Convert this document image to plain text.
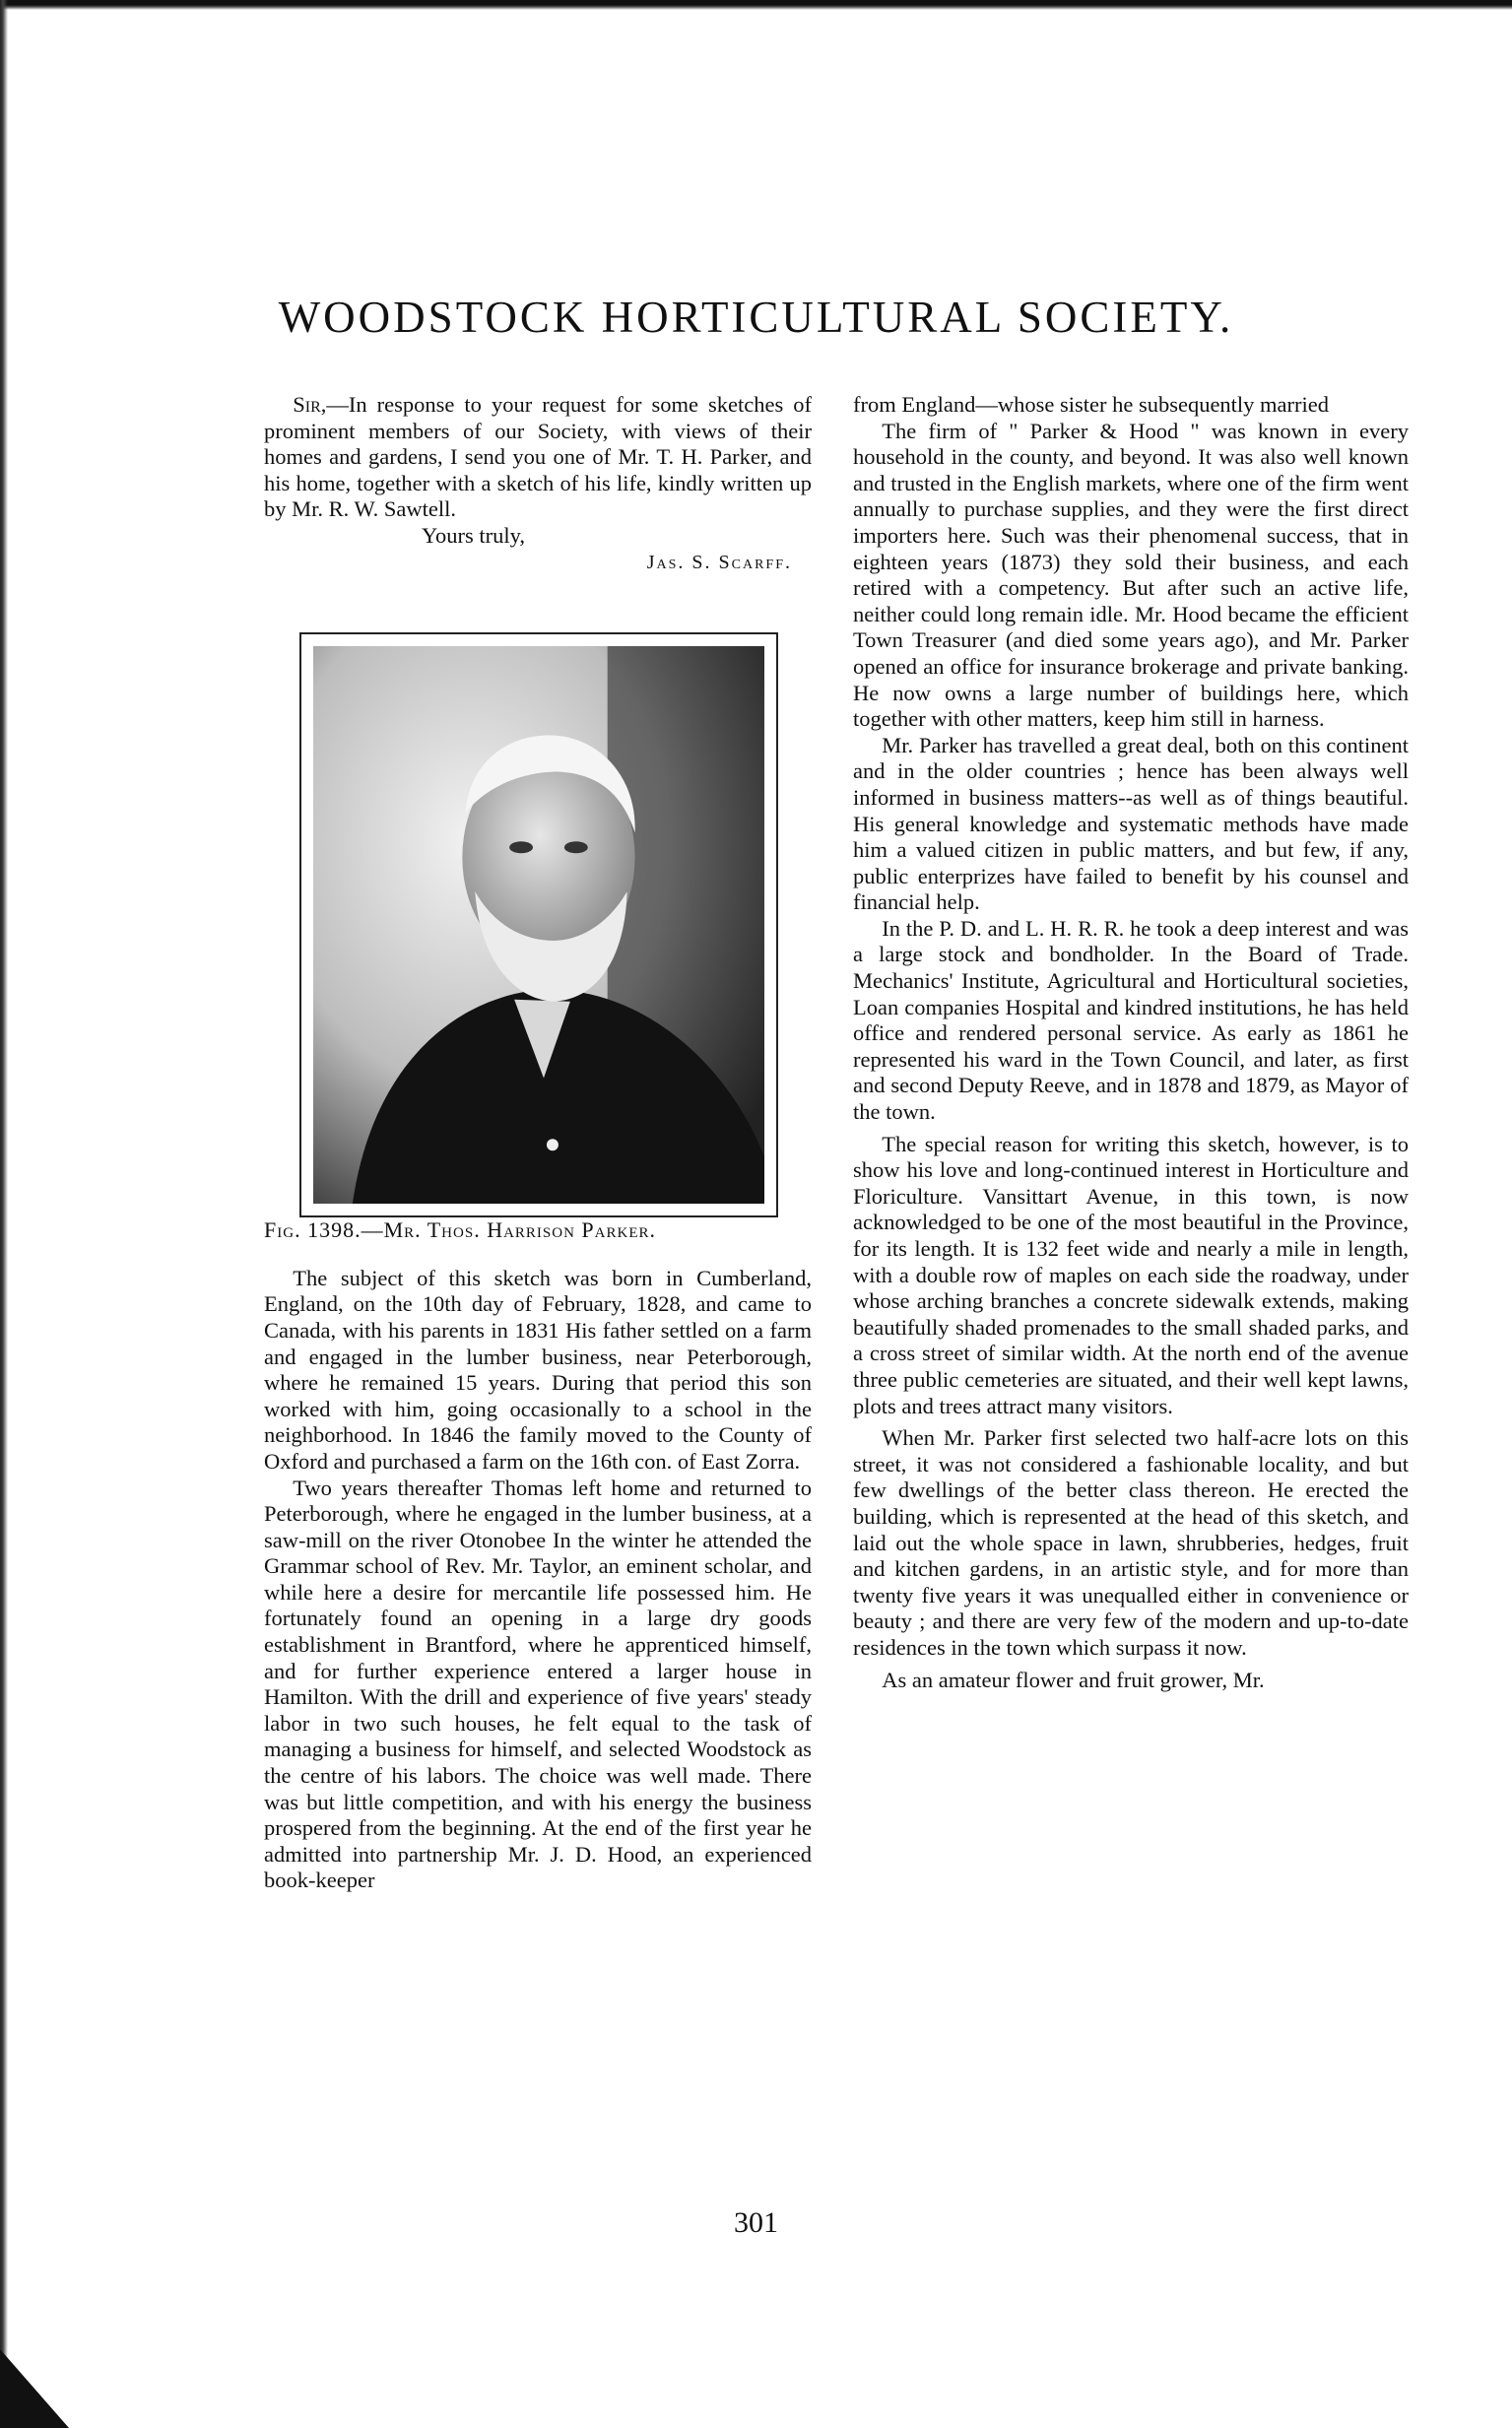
WOODSTOCK HORTICULTURAL SOCIETY.

Sir,—In response to your request for some sketches of prominent members of our Society, with views of their homes and gardens, I send you one of Mr. T. H. Parker, and his home, together with a sketch of his life, kindly written up by Mr. R. W. Sawtell.

Yours truly,

Jas. S. Scarff.

Fig. 1398.—Mr. Thos. Harrison Parker.

The subject of this sketch was born in Cumberland, England, on the 10th day of February, 1828, and came to Canada, with his parents in 1831 His father settled on a farm and engaged in the lumber business, near Peterborough, where he remained 15 years. During that period this son worked with him, going occasionally to a school in the neighborhood. In 1846 the family moved to the County of Oxford and purchased a farm on the 16th con. of East Zorra.

Two years thereafter Thomas left home and returned to Peterborough, where he engaged in the lumber business, at a saw-mill on the river Otonobee In the winter he attended the Grammar school of Rev. Mr. Taylor, an eminent scholar, and while here a desire for mercantile life possessed him. He fortunately found an opening in a large dry goods establishment in Brantford, where he apprenticed himself, and for further experience entered a larger house in Hamilton. With the drill and experience of five years' steady labor in two such houses, he felt equal to the task of managing a business for himself, and selected Woodstock as the centre of his labors. The choice was well made. There was but little competition, and with his energy the business prospered from the beginning. At the end of the first year he admitted into partnership Mr. J. D. Hood, an experienced book-keeper

from England—whose sister he subsequently married

The firm of " Parker & Hood " was known in every household in the county, and beyond. It was also well known and trusted in the English markets, where one of the firm went annually to purchase supplies, and they were the first direct importers here. Such was their phenomenal success, that in eighteen years (1873) they sold their business, and each retired with a competency. But after such an active life, neither could long remain idle. Mr. Hood became the efficient Town Treasurer (and died some years ago), and Mr. Parker opened an office for insurance brokerage and private banking. He now owns a large number of buildings here, which together with other matters, keep him still in harness.

Mr. Parker has travelled a great deal, both on this continent and in the older countries ; hence has been always well informed in business matters--as well as of things beautiful. His general knowledge and systematic methods have made him a valued citizen in public matters, and but few, if any, public enterprizes have failed to benefit by his counsel and financial help.

In the P. D. and L. H. R. R. he took a deep interest and was a large stock and bondholder. In the Board of Trade. Mechanics' Institute, Agricultural and Horticultural societies, Loan companies Hospital and kindred institutions, he has held office and rendered personal service. As early as 1861 he represented his ward in the Town Council, and later, as first and second Deputy Reeve, and in 1878 and 1879, as Mayor of the town.

The special reason for writing this sketch, however, is to show his love and long-continued interest in Horticulture and Floriculture. Vansittart Avenue, in this town, is now acknowledged to be one of the most beautiful in the Province, for its length. It is 132 feet wide and nearly a mile in length, with a double row of maples on each side the roadway, under whose arching branches a concrete sidewalk extends, making beautifully shaded promenades to the small shaded parks, and a cross street of similar width. At the north end of the avenue three public cemeteries are situated, and their well kept lawns, plots and trees attract many visitors.

When Mr. Parker first selected two half-acre lots on this street, it was not considered a fashionable locality, and but few dwellings of the better class thereon. He erected the building, which is represented at the head of this sketch, and laid out the whole space in lawn, shrubberies, hedges, fruit and kitchen gardens, in an artistic style, and for more than twenty five years it was unequalled either in convenience or beauty ; and there are very few of the modern and up-to-date residences in the town which surpass it now.

As an amateur flower and fruit grower, Mr.

301
